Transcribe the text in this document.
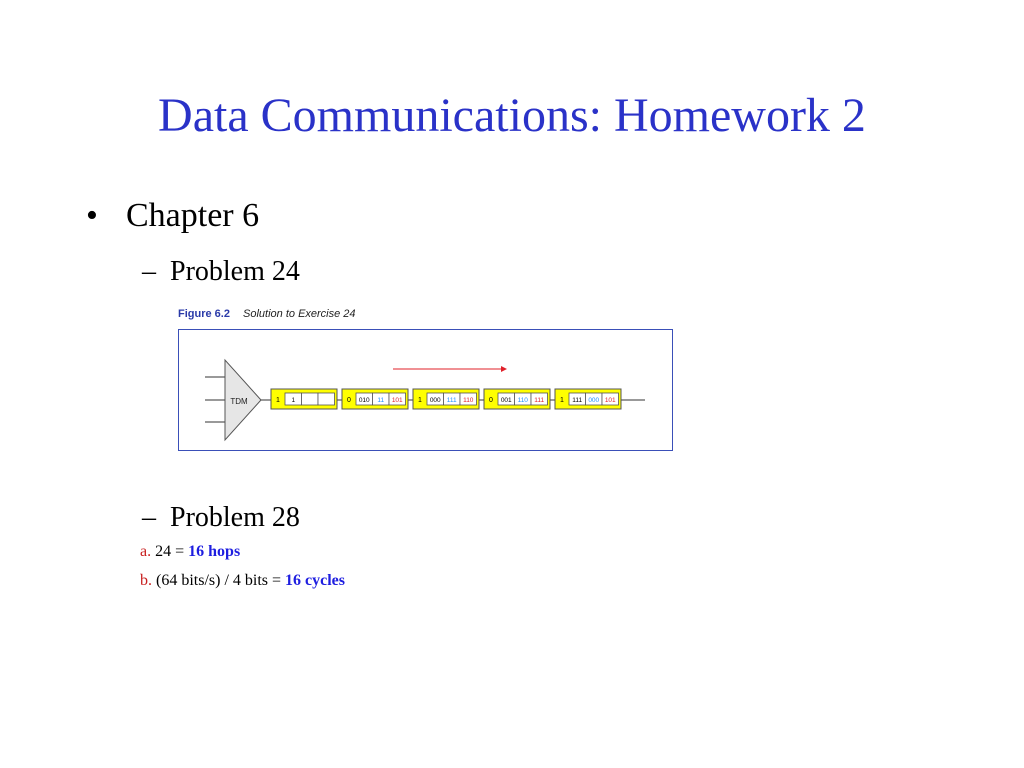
Data Communications: Homework 2
• Chapter 6
– Problem 24
Figure 6.2 Solution to Exercise 24
TDM	1 1	0 010 11 101 1 000 111 110 0 001 110 111 1 111 000 101
– Problem 28
a. 24 = 16 hops
b. (64 bits/s) / 4 bits = 16 cycles
